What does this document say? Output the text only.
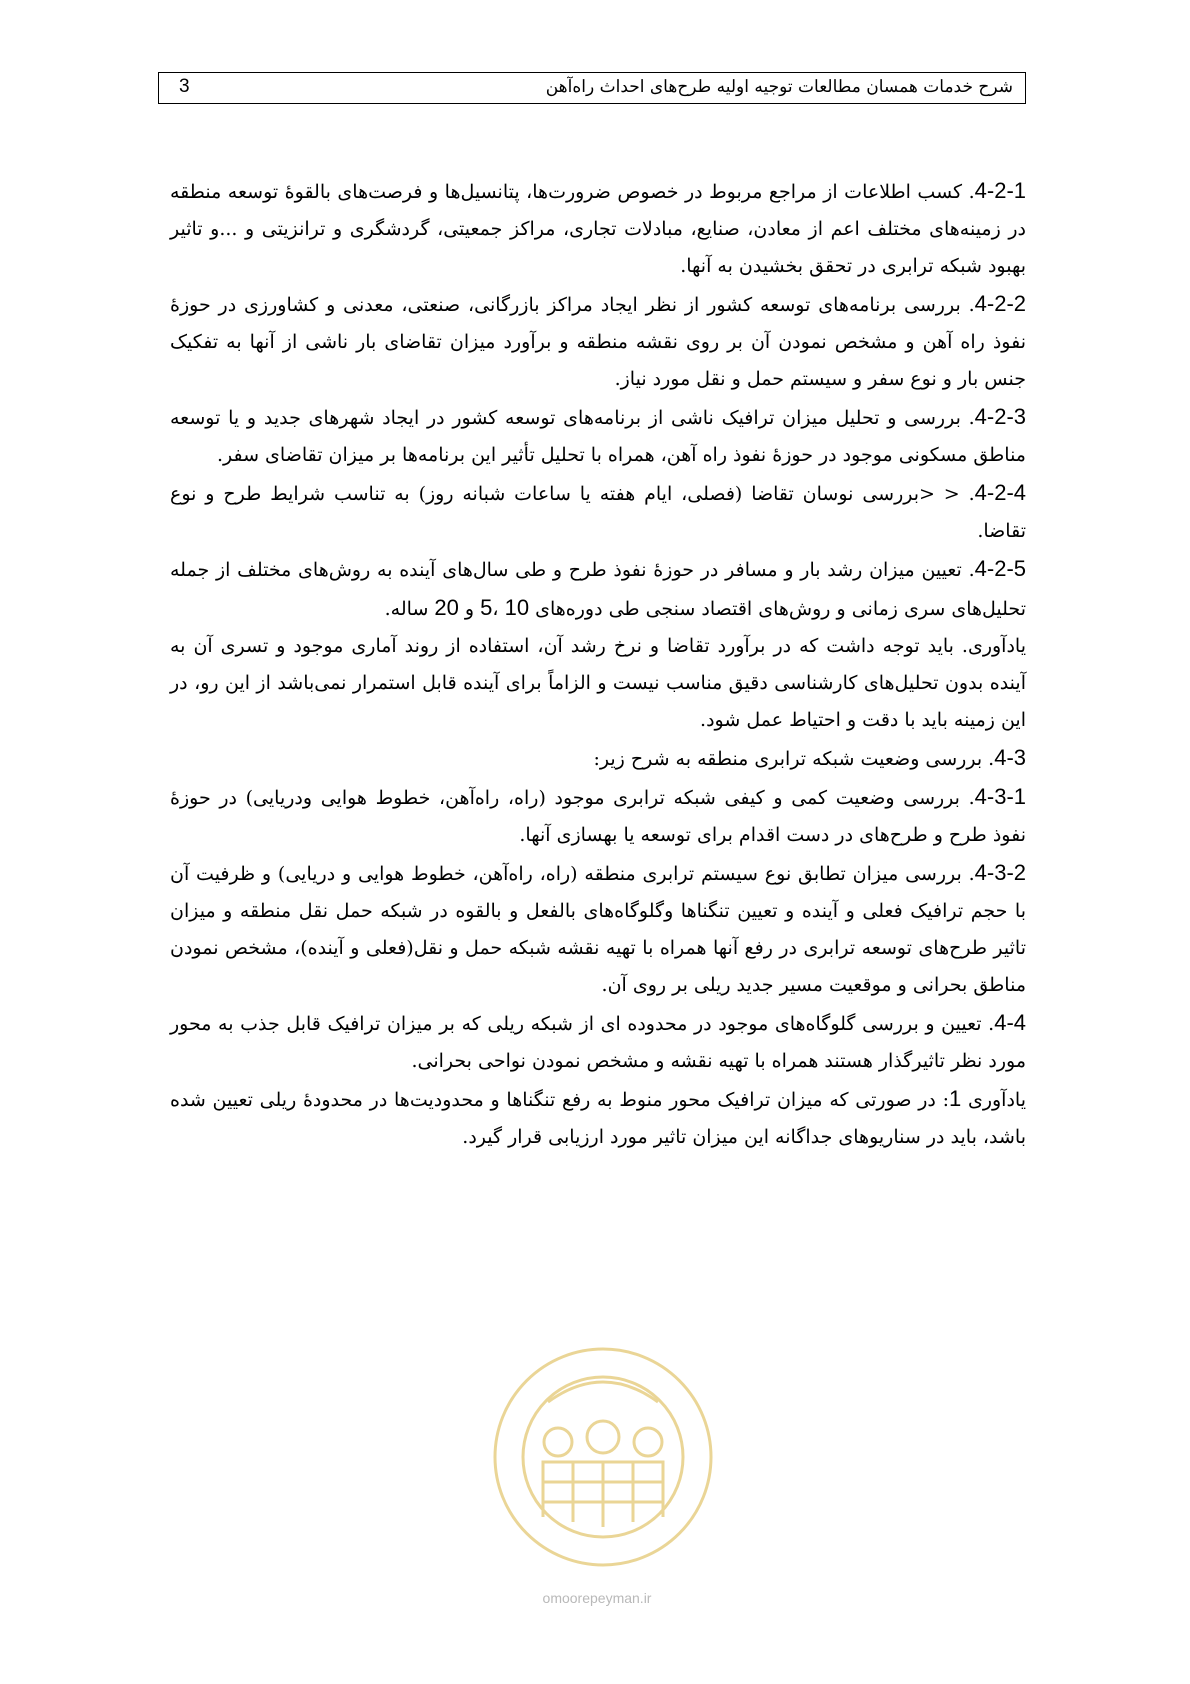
3	شرح خدمات همسان مطالعات توجیه اولیه طرح‌های احداث راه‌آهن

4-2-1. کسب اطلاعات از مراجع مربوط در خصوص ضرورت‌ها، پتانسیل‌ها و فرصت‌های بالقوۀ توسعه منطقه در زمینه‌های مختلف اعم از معادن، صنایع، مبادلات تجاری، مراکز جمعیتی، گردشگری و ترانزیتی و ...و تاثیر بهبود شبکه ترابری در تحقق بخشیدن به آنها.

4-2-2. بررسی برنامه‌های توسعه کشور از نظر ایجاد مراکز بازرگانی، صنعتی، معدنی و کشاورزی در حوزۀ نفوذ راه آهن و مشخص نمودن آن بر روی نقشه منطقه و برآورد میزان تقاضای بار ناشی از آنها به تفکیک جنس بار و نوع سفر و سیستم حمل و نقل مورد نیاز.

4-2-3. بررسی و تحلیل میزان ترافیک ناشی از برنامه‌های توسعه کشور در ایجاد شهرهای جدید و یا توسعه مناطق مسکونی موجود در حوزۀ نفوذ راه آهن، همراه با تحلیل تأثیر این برنامه‌ها بر میزان تقاضای سفر.

4-2-4. < <بررسی نوسان تقاضا (فصلی، ایام هفته یا ساعات شبانه روز) به تناسب شرایط طرح و نوع تقاضا.

4-2-5. تعیین میزان رشد بار و مسافر در حوزۀ نفوذ طرح و طی سال‌های آینده به روش‌های مختلف از جمله تحلیل‌های سری زمانی و روش‌های اقتصاد سنجی طی دوره‌های 5، 10 و 20 ساله.

یادآوری. باید توجه داشت که در برآورد تقاضا و نرخ رشد آن، استفاده از روند آماری موجود و تسری آن به آینده بدون تحلیل‌های کارشناسی دقیق مناسب نیست و الزاماً برای آینده قابل استمرار نمی‌باشد از این رو، در این زمینه باید با دقت و احتیاط عمل شود.

4-3. بررسی وضعیت شبکه ترابری منطقه به شرح زیر:

4-3-1. بررسی وضعیت کمی و کیفی شبکه ترابری موجود (راه، راه‌آهن، خطوط هوایی ودریایی) در حوزۀ نفوذ طرح و طرح‌های در دست اقدام برای توسعه یا بهسازی آنها.

4-3-2. بررسی میزان تطابق نوع سیستم ترابری منطقه (راه، راه‌آهن، خطوط هوایی و دریایی) و ظرفیت آن با حجم ترافیک فعلی و آینده و تعیین تنگناها وگلوگاه‌های بالفعل و بالقوه در شبکه حمل نقل منطقه و میزان تاثیر طرح‌های توسعه ترابری در رفع آنها همراه با تهیه نقشه شبکه حمل و نقل(فعلی و آینده)، مشخص نمودن مناطق بحرانی و موقعیت مسیر جدید ریلی بر روی آن.

4-4. تعیین و بررسی گلوگاه‌های موجود در محدوده ای از شبکه ریلی که بر میزان ترافیک قابل جذب به محور مورد نظر تاثیرگذار هستند همراه با تهیه نقشه و مشخص نمودن نواحی بحرانی.

یادآوری 1: در صورتی که میزان ترافیک محور منوط به رفع تنگناها و محدودیت‌ها در محدودۀ ریلی تعیین شده باشد، باید در سناریوهای جداگانه این میزان تاثیر مورد ارزیابی قرار گیرد.

omoorepeyman.ir
